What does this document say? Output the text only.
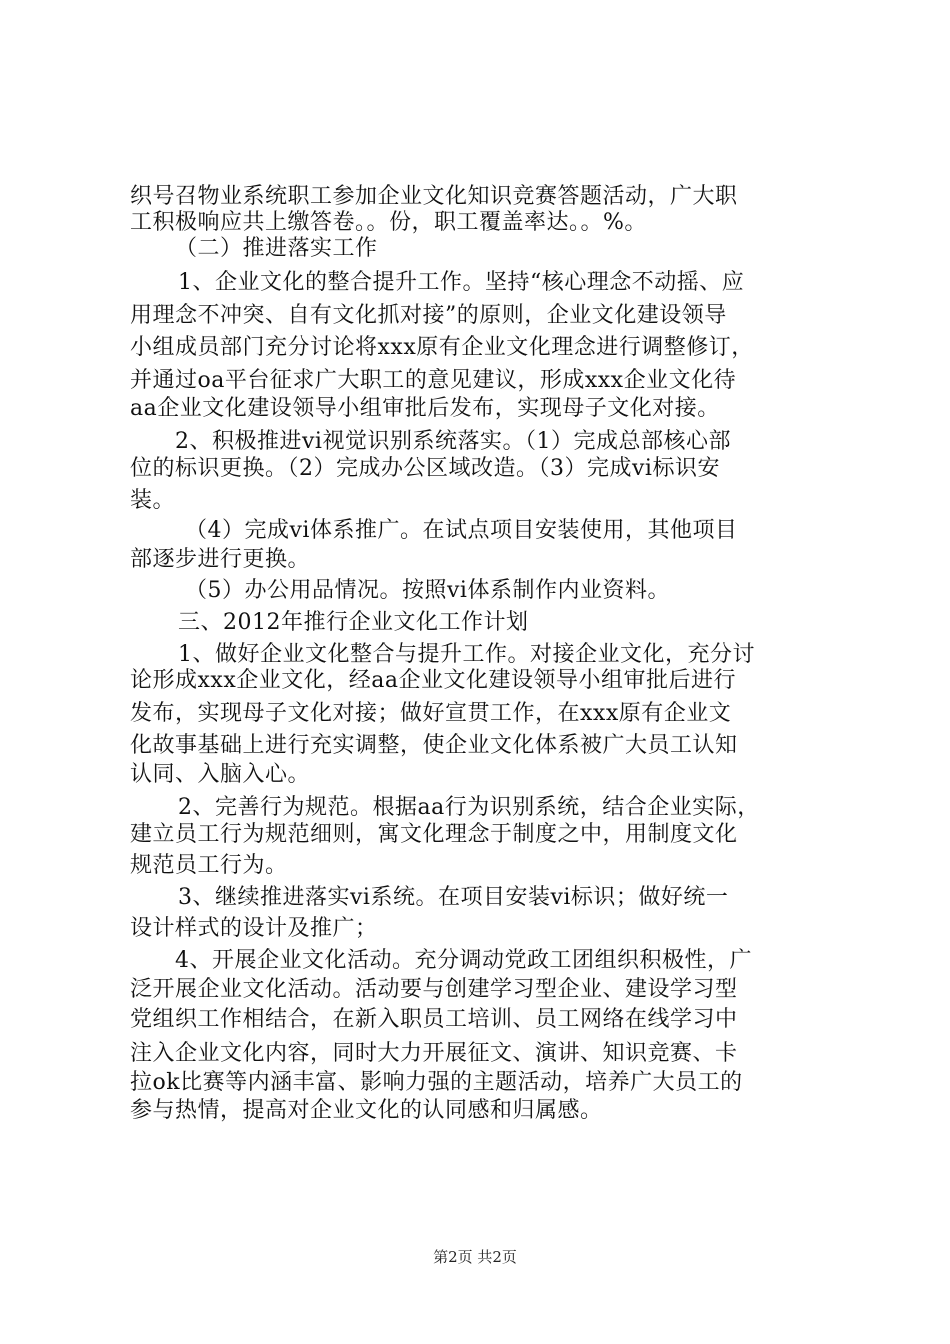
织号召物业系统职工参加企业文化知识竞赛答题活动，广大职
工积极响应共上缴答卷。。份，职工覆盖率达。。%。
（二）推进落实工作
1、企业文化的整合提升工作。坚持“核心理念不动摇、应
用理念不冲突、自有文化抓对接”的原则，企业文化建设领导
小组成员部门充分讨论将xxx原有企业文化理念进行调整修订，
并通过oa平台征求广大职工的意见建议，形成xxx企业文化待
aa企业文化建设领导小组审批后发布，实现母子文化对接。
2、积极推进vi视觉识别系统落实。（1）完成总部核心部
位的标识更换。（2）完成办公区域改造。（3）完成vi标识安
装。
（4）完成vi体系推广。在试点项目安装使用，其他项目
部逐步进行更换。
（5）办公用品情况。按照vi体系制作内业资料。
三、2012年推行企业文化工作计划
1、做好企业文化整合与提升工作。对接企业文化，充分讨
论形成xxx企业文化，经aa企业文化建设领导小组审批后进行
发布，实现母子文化对接；做好宣贯工作，在xxx原有企业文
化故事基础上进行充实调整，使企业文化体系被广大员工认知
认同、入脑入心。
2、完善行为规范。根据aa行为识别系统，结合企业实际，
建立员工行为规范细则，寓文化理念于制度之中，用制度文化
规范员工行为。
3、继续推进落实vi系统。在项目安装vi标识；做好统一
设计样式的设计及推广；
4、开展企业文化活动。充分调动党政工团组织积极性，广
泛开展企业文化活动。活动要与创建学习型企业、建设学习型
党组织工作相结合，在新入职员工培训、员工网络在线学习中
注入企业文化内容，同时大力开展征文、演讲、知识竞赛、卡
拉ok比赛等内涵丰富、影响力强的主题活动，培养广大员工的
参与热情，提高对企业文化的认同感和归属感。
第2页 共2页
